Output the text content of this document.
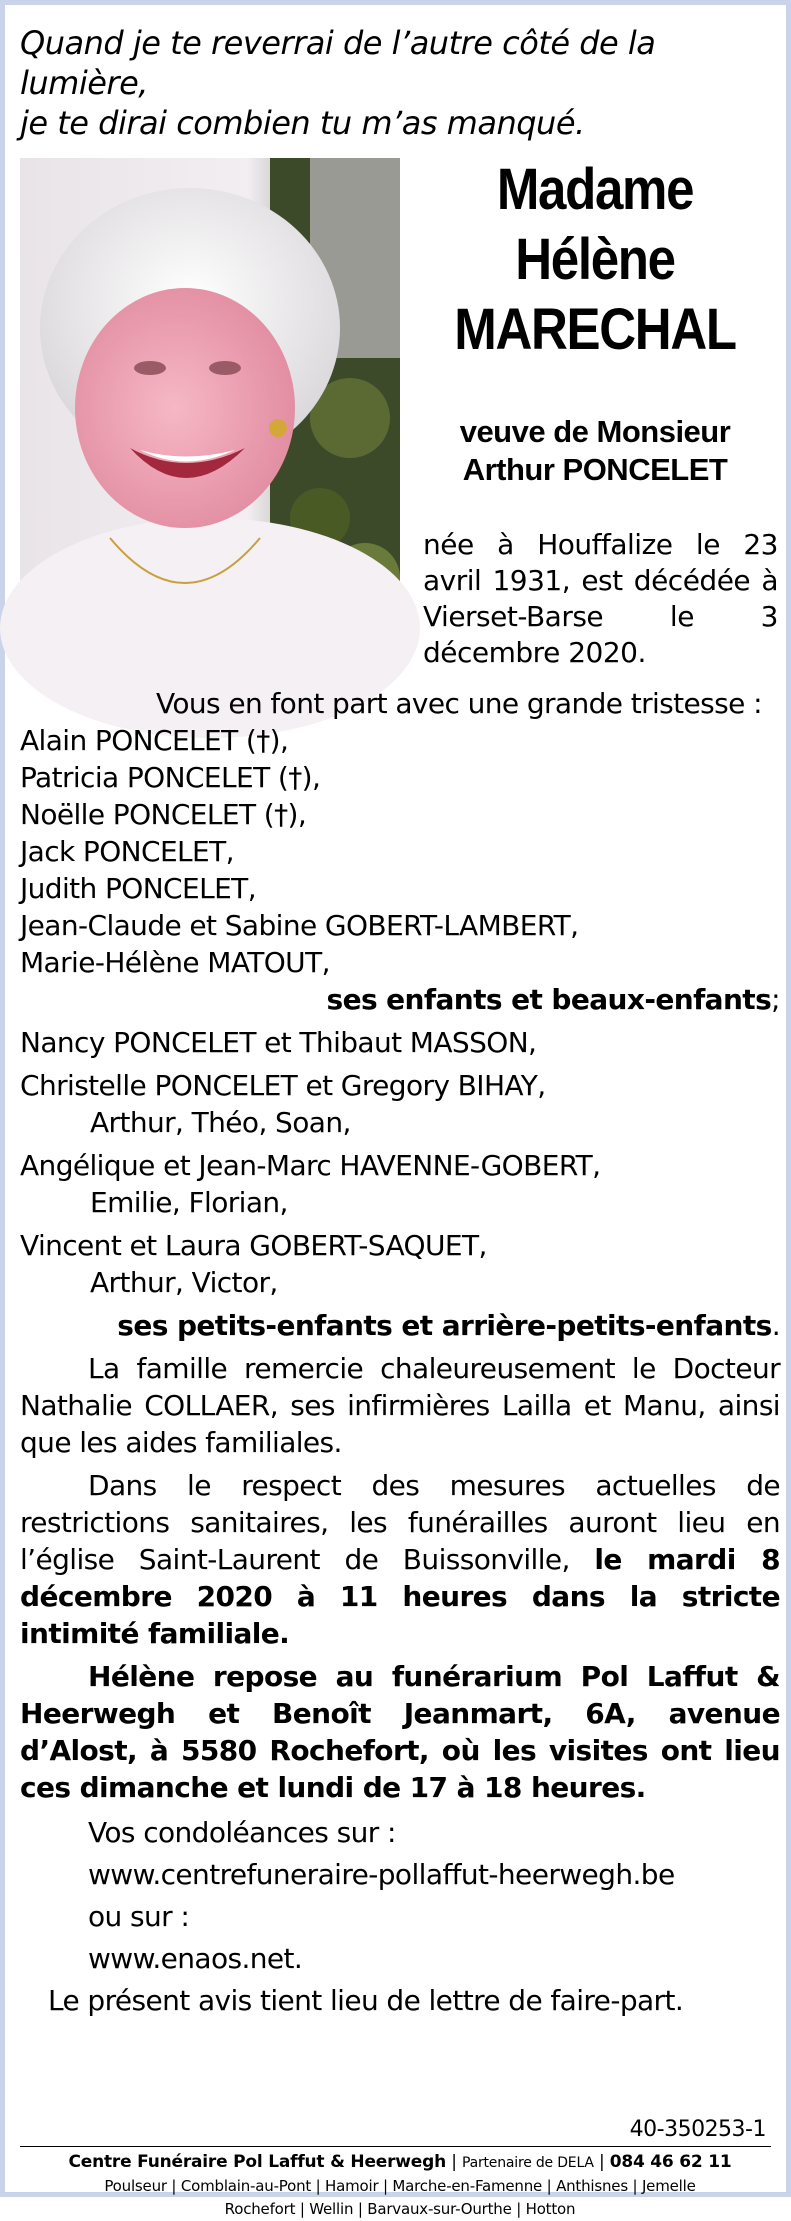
Quand je te reverrai de l’autre côté de la lumière,
je te dirai combien tu m’as manqué.
Madame
Hélène
MARECHAL
veuve de Monsieur
Arthur PONCELET
née à Houffalize le 23 avril 1931, est décédée à Vierset-Barse le 3 décembre 2020.
Vous en font part avec une grande tristesse :
Alain PONCELET (†),
Patricia PONCELET (†),
Noëlle PONCELET (†),
Jack PONCELET,
Judith PONCELET,
Jean-Claude et Sabine GOBERT-LAMBERT,
Marie-Hélène MATOUT,
ses enfants et beaux-enfants;
Nancy PONCELET et Thibaut MASSON,
Christelle PONCELET et Gregory BIHAY,
Arthur, Théo, Soan,
Angélique et Jean-Marc HAVENNE-GOBERT,
Emilie, Florian,
Vincent et Laura GOBERT-SAQUET,
Arthur, Victor,
ses petits-enfants et arrière-petits-enfants.
La famille remercie chaleureusement le Docteur Nathalie COLLAER, ses infirmières Lailla et Manu, ainsi que les aides familiales.
Dans le respect des mesures actuelles de restrictions sanitaires, les funérailles auront lieu en l’église Saint-Laurent de Buissonville, le mardi 8 décembre 2020 à 11 heures dans la stricte intimité familiale.
Hélène repose au funérarium Pol Laffut & Heerwegh et Benoît Jeanmart, 6A, avenue d’Alost, à 5580 Rochefort, où les visites ont lieu ces dimanche et lundi de 17 à 18 heures.
Vos condoléances sur :
www.centrefuneraire-pollaffut-heerwegh.be
ou sur :
www.enaos.net.
Le présent avis tient lieu de lettre de faire-part.
40-350253-1
Centre Funéraire Pol Laffut & Heerwegh | Partenaire de DELA | 084 46 62 11
Poulseur | Comblain-au-Pont | Hamoir | Marche-en-Famenne | Anthisnes | Jemelle
Rochefort | Wellin | Barvaux-sur-Ourthe | Hotton
